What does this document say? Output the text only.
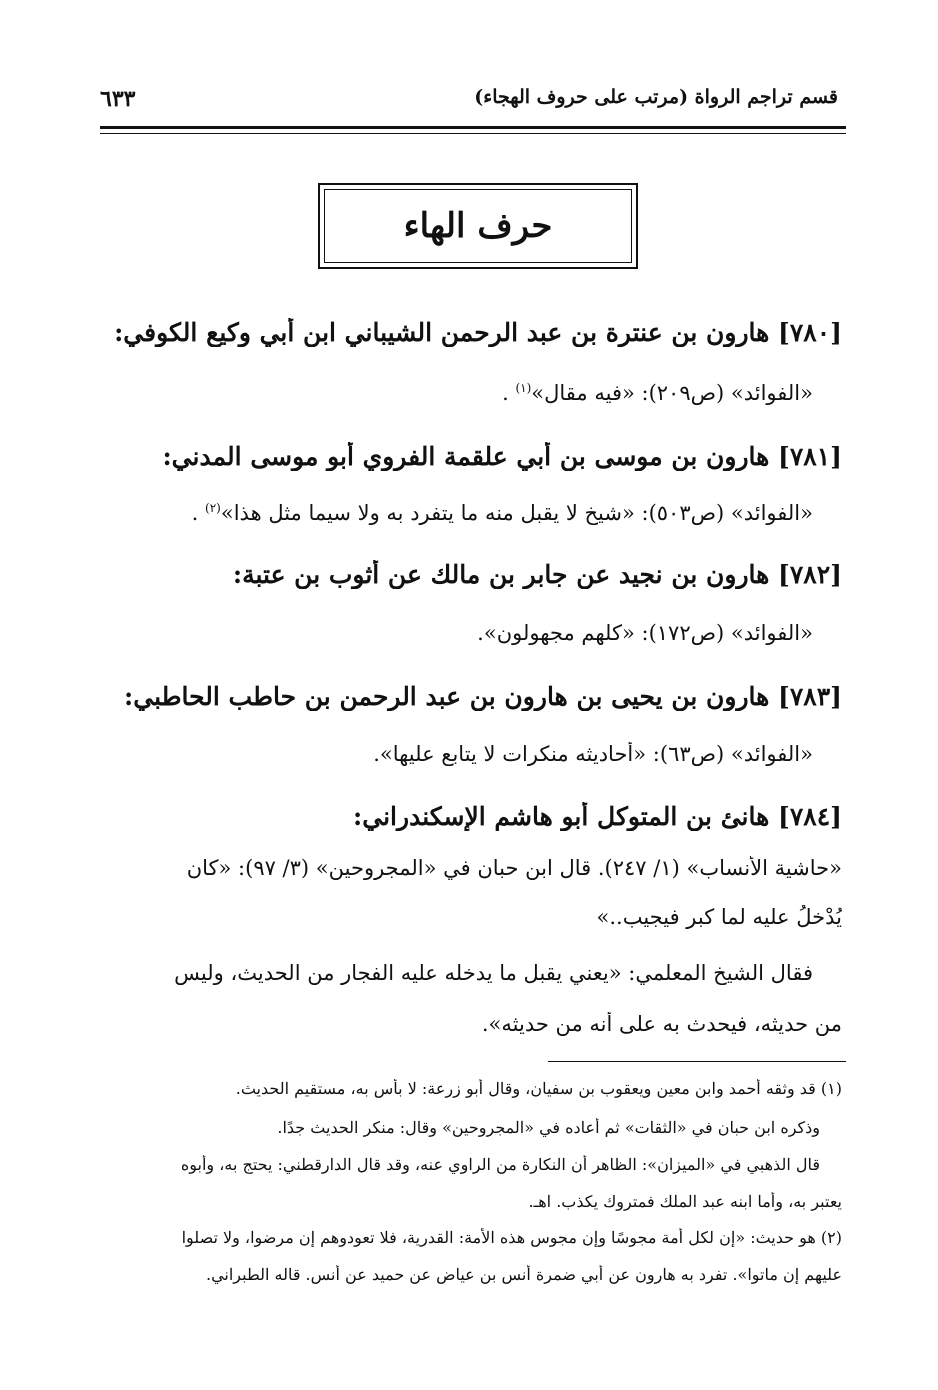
قسم تراجم الرواة (مرتب على حروف الهجاء)
٦٣٣
حرف الهاء
[٧٨٠] هارون بن عنترة بن عبد الرحمن الشيباني ابن أبي وكيع الكوفي:
«الفوائد» (ص٢٠٩): «فيه مقال»$^{(١)}$ .
[٧٨١] هارون بن موسى بن أبي علقمة الفروي أبو موسى المدني:
«الفوائد» (ص٥٠٣): «شيخ لا يقبل منه ما يتفرد به ولا سيما مثل هذا»$^{(٢)}$ .
[٧٨٢] هارون بن نجيد عن جابر بن مالك عن أثوب بن عتبة:
«الفوائد» (ص١٧٢): «كلهم مجهولون».
[٧٨٣] هارون بن يحيى بن هارون بن عبد الرحمن بن حاطب الحاطبي:
«الفوائد» (ص٦٣): «أحاديثه منكرات لا يتابع عليها».
[٧٨٤] هانئ بن المتوكل أبو هاشم الإسكندراني:
«حاشية الأنساب» (١/ ٢٤٧). قال ابن حبان في «المجروحين» (٣/ ٩٧): «كان
يُدْخلُ عليه لما كبر فيجيب..»
فقال الشيخ المعلمي: «يعني يقبل ما يدخله عليه الفجار من الحديث، وليس
من حديثه، فيحدث به على أنه من حديثه».
(١) قد وثقه أحمد وابن معين ويعقوب بن سفيان، وقال أبو زرعة: لا بأس به، مستقيم الحديث.
وذكره ابن حبان في «الثقات» ثم أعاده في «المجروحين» وقال: منكر الحديث جدًا.
قال الذهبي في «الميزان»: الظاهر أن النكارة من الراوي عنه، وقد قال الدارقطني: يحتج به، وأبوه
يعتبر به، وأما ابنه عبد الملك فمتروك يكذب. اهـ.
(٢) هو حديث: «إن لكل أمة مجوسًا وإن مجوس هذه الأمة: القدرية، فلا تعودوهم إن مرضوا، ولا تصلوا
عليهم إن ماتوا». تفرد به هارون عن أبي ضمرة أنس بن عياض عن حميد عن أنس. قاله الطبراني.
